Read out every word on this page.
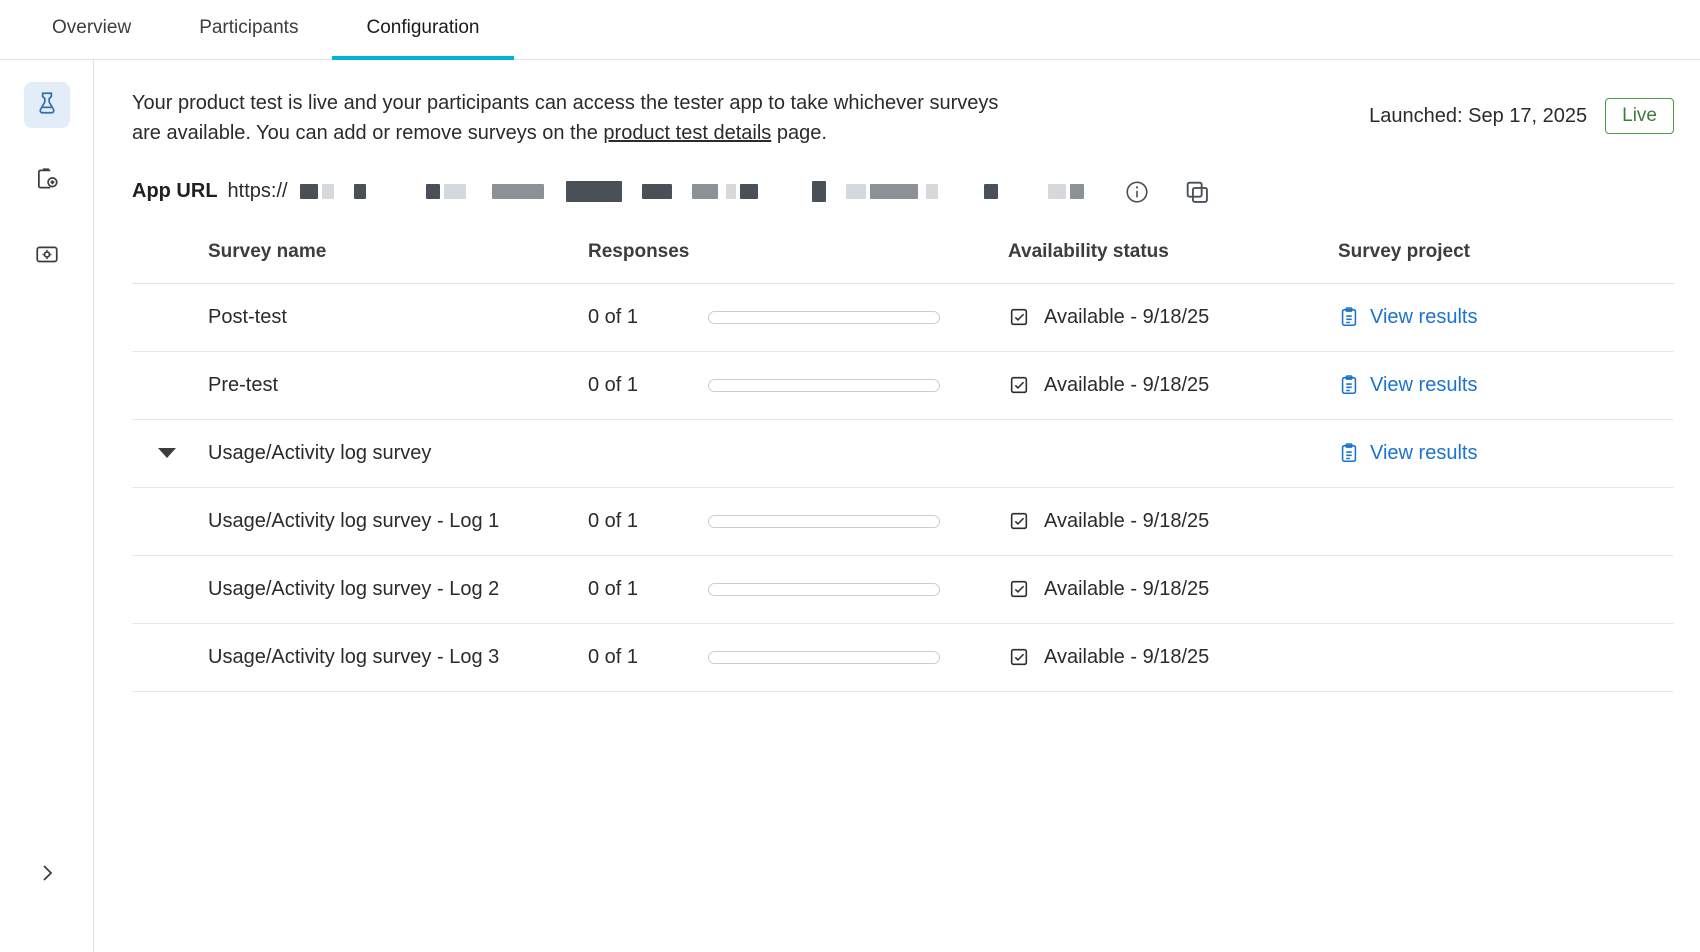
Overview	Participants	Configuration
Your product test is live and your participants can access the tester app to take whichever surveys are available. You can add or remove surveys on the product test details page.
Launched: Sep 17, 2025	Live
App URL https://
	Survey name	Responses		Availability status	Survey project
	Post-test	0 of 1		Available - 9/18/25	View results

	Pre-test	0 of 1		Available - 9/18/25	View results

	Usage/Activity log survey				View results

	Usage/Activity log survey - Log 1	0 of 1		Available - 9/18/25	

	Usage/Activity log survey - Log 2	0 of 1		Available - 9/18/25	

	Usage/Activity log survey - Log 3	0 of 1		Available - 9/18/25	
